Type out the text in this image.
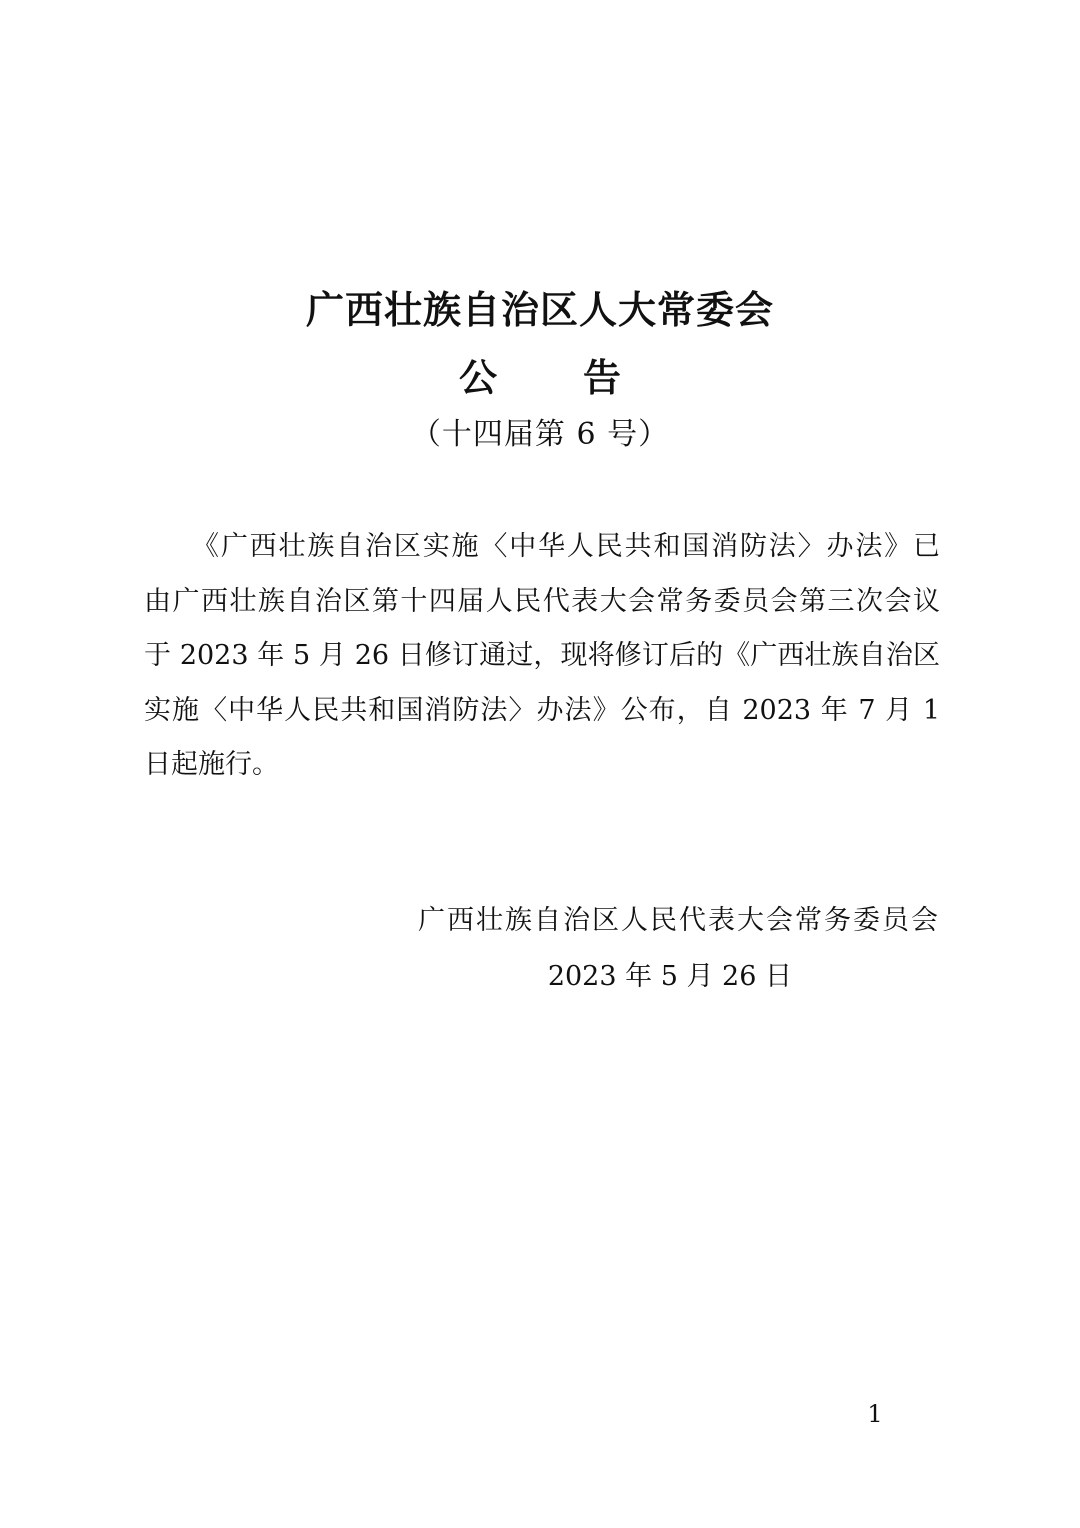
广西壮族自治区人大常委会
公 告
（十四届第 6 号）
《广西壮族自治区实施〈中华人民共和国消防法〉办法》已
由广西壮族自治区第十四届人民代表大会常务委员会第三次会议
于 2023 年 5 月 26 日修订通过，现将修订后的《广西壮族自治区
实施〈中华人民共和国消防法〉办法》公布，自 2023 年 7 月 1
日起施行。
广西壮族自治区人民代表大会常务委员会
2023 年 5 月 26 日
1
